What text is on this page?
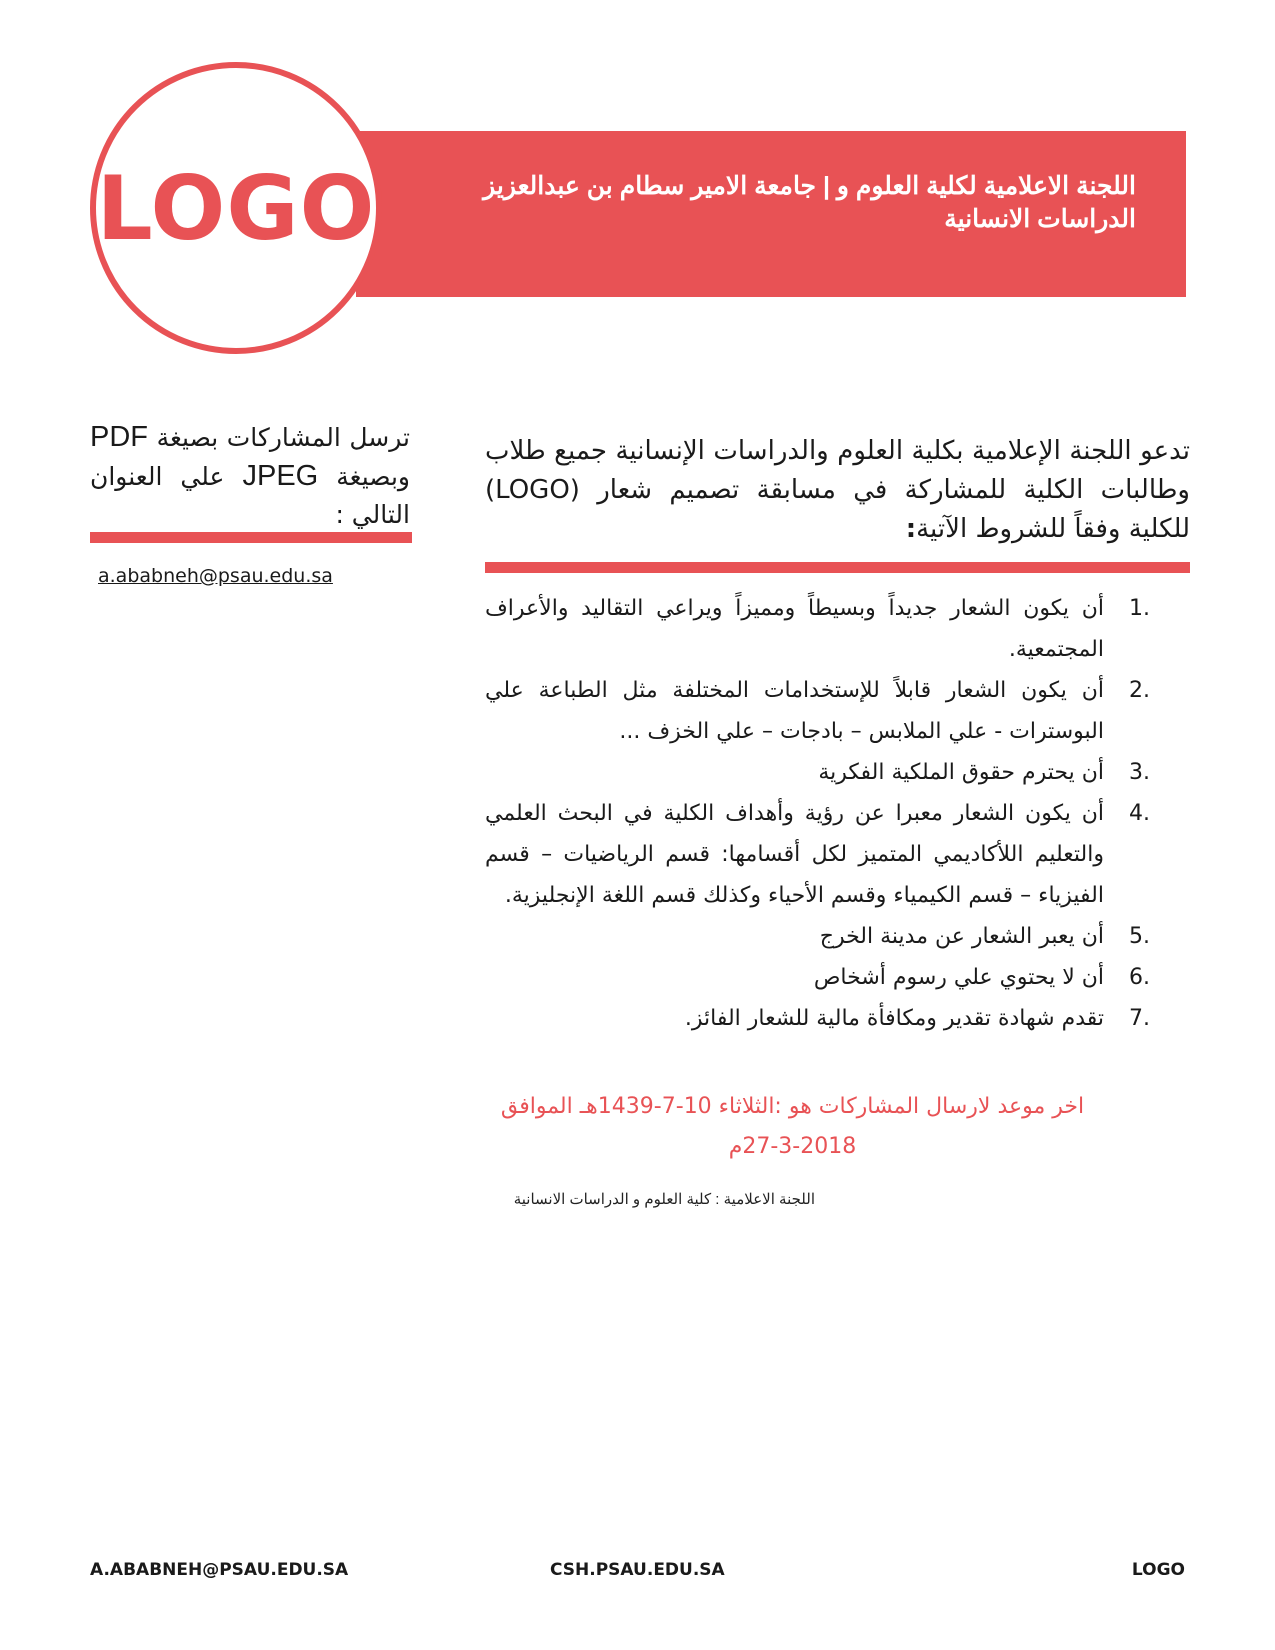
اللجنة الاعلامية لكلية العلوم و | جامعة الامير سطام بن عبدالعزيز
الدراسات الانسانية
LOGO
تدعو اللجنة الإعلامية بكلية العلوم والدراسات الإنسانية جميع طلاب وطالبات الكلية للمشاركة في مسابقة تصميم شعار (LOGO) للكلية وفقاً للشروط الآتية:
.1
أن يكون الشعار جديداً وبسيطاً ومميزاً ويراعي التقاليد والأعراف المجتمعية.
.2
أن يكون الشعار قابلاً للإستخدامات المختلفة مثل الطباعة علي البوسترات - علي الملابس – بادجات – علي الخزف ...
.3
أن يحترم حقوق الملكية الفكرية
.4
أن يكون الشعار معبرا عن رؤية وأهداف الكلية في البحث العلمي والتعليم اللأكاديمي المتميز لكل أقسامها: قسم الرياضيات – قسم الفيزياء – قسم الكيمياء وقسم الأحياء وكذلك قسم اللغة الإنجليزية.
.5
أن يعبر الشعار عن مدينة الخرج
.6
أن لا يحتوي علي رسوم أشخاص
.7
تقدم شهادة تقدير ومكافأة مالية للشعار الفائز.
اخر موعد لارسال المشاركات هو :الثلاثاء 10-7-1439هـ الموافق
27-3-2018م
اللجنة الاعلامية : كلية العلوم و الدراسات الانسانية
ترسل المشاركات بصيغة PDF وبصيغة JPEG علي العنوان التالي :
a.ababneh@psau.edu.sa
A.ABABNEH@PSAU.EDU.SA	CSH.PSAU.EDU.SA	LOGO
